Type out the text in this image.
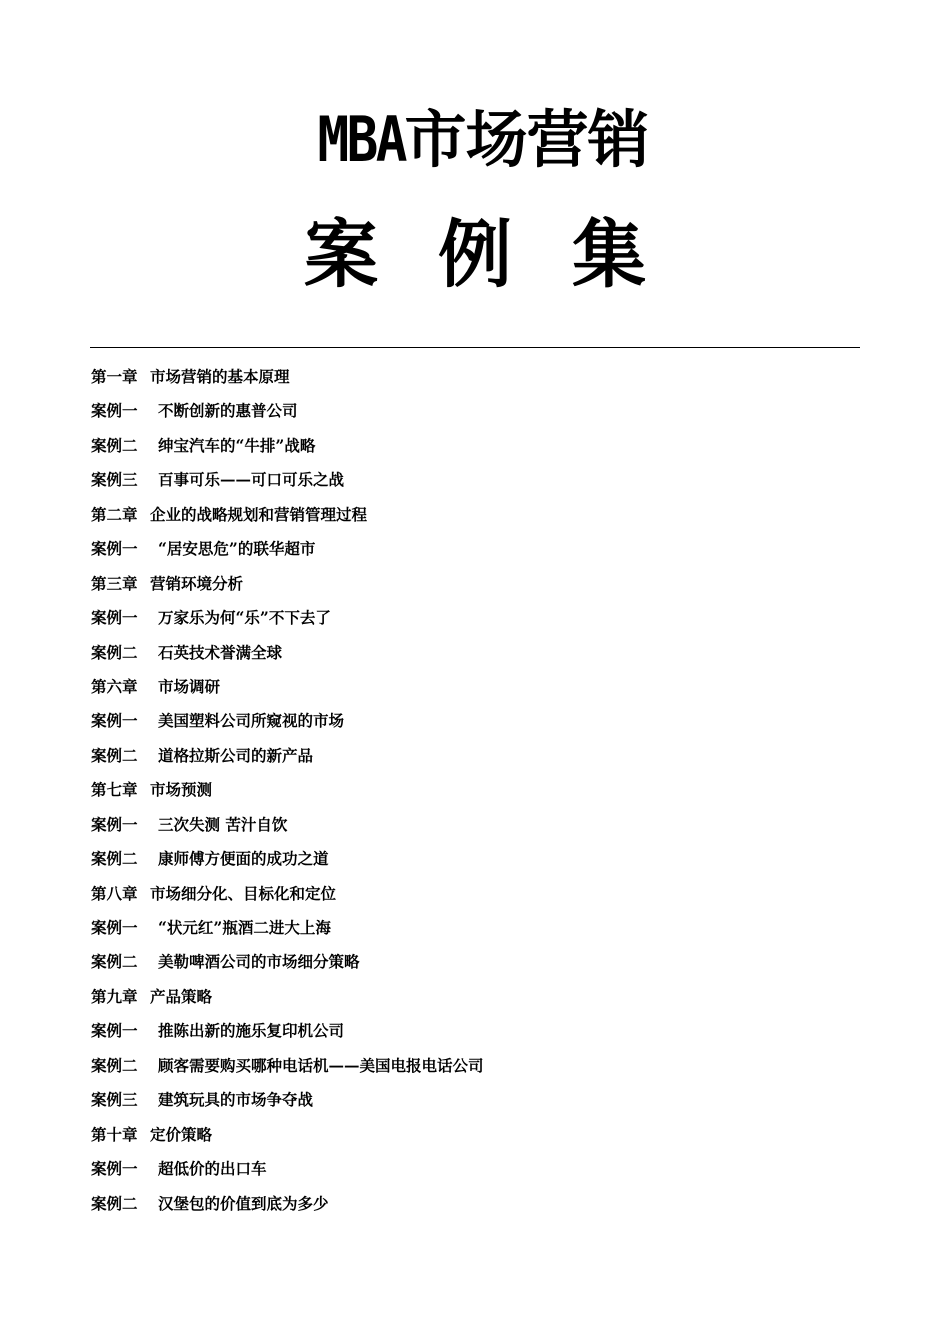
MBA市场营销
案 例 集
第一章 市场营销的基本原理
案例一 不断创新的惠普公司
案例二 绅宝汽车的“牛排”战略
案例三 百事可乐——可口可乐之战
第二章 企业的战略规划和营销管理过程
案例一 “居安思危”的联华超市
第三章 营销环境分析
案例一 万家乐为何“乐”不下去了
案例二 石英技术誉满全球
第六章 市场调研
案例一 美国塑料公司所窥视的市场
案例二 道格拉斯公司的新产品
第七章 市场预测
案例一 三次失测 苦汁自饮
案例二 康师傅方便面的成功之道
第八章 市场细分化、目标化和定位
案例一 “状元红”瓶酒二进大上海
案例二 美勒啤酒公司的市场细分策略
第九章 产品策略
案例一 推陈出新的施乐复印机公司
案例二 顾客需要购买哪种电话机——美国电报电话公司
案例三 建筑玩具的市场争夺战
第十章 定价策略
案例一 超低价的出口车
案例二 汉堡包的价值到底为多少
